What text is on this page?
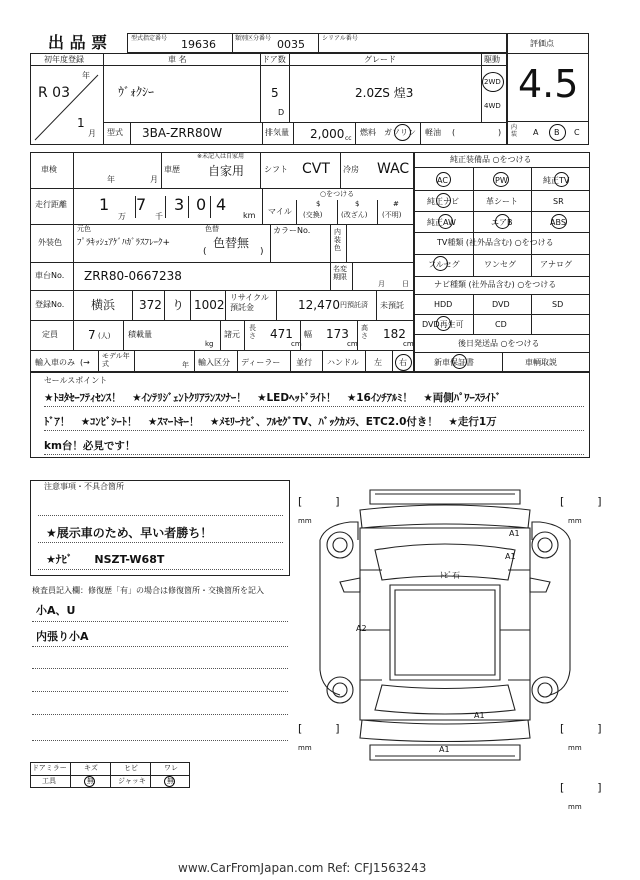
出 品 票	型式指定番号 19636	類別区分番号 0035	シリアル番号
評価点
4.5
内装	A B C
初年度登録
年
R 03
1
月
車 名
ｳﾞｫｸｼｰ
ドア数
5
D
グレード
2.0ZS 煌3
駆動
2WD
4WD
型式 3BA-ZRR80W	排気量 2,000 cc
燃料 ガソリン 軽油 (	)
車検
年	月
車歴
※未記入は自家用
自家用 シフト CVT 冷房 WAC
走行距離 1
万
7
千
3 0 4
km
○をつける
マイル
$
(交換)
$
(改ざん)
#
(不明)
外装色
元色	色替
ﾌﾟﾗｷｯｼｭｱｹﾞﾊｶﾞﾗｽﾌﾚｰｸ+
(
色替無
)
カラーNo.	内装色
車台No. ZRR80-0667238	名変期限
月 日
登録No. 横浜 372 り 1002
リサイクル預託金	12,470 円預託済 未預託
定員	7 (人) 積載量
kg
諸元
長さ 471
cm
幅 173
cm
高さ 182
cm
輸入車のみ (→
モデル年式	年 輸入区分 ディーラー 並行 ハンドル 左 右
純正装備品 ○をつける
AC	PW	純正TV
純正ナビ	革シート	SR
純正AW	エアB	ABS
TV種類 (社外品含む) ○をつける
フルセグ	ワンセグ	アナログ
ナビ種類 (社外品含む) ○をつける
HDD	DVD	SD
DVD再生可	CD
後日発送品 ○をつける
新車保証書	車輌取説
セールスポイント
★ﾄﾖﾀｾｰﾌﾃｨｾﾝｽ！　★ｲﾝﾃﾘｼﾞｪﾝﾄｸﾘｱﾗﾝｽｿﾅｰ！　★LEDﾍｯﾄﾞﾗｲﾄ！　★16ｲﾝﾁｱﾙﾐ！　★両側ﾊﾟﾜｰｽﾗｲﾄﾞ
ﾄﾞｱ！　★ｺﾝﾋﾞｼｰﾄ！　★ｽﾏｰﾄｷｰ！　★ﾒﾓﾘｰﾅﾋﾞ、ﾌﾙｾｸﾞTV、ﾊﾞｯｸｶﾒﾗ、ETC2.0付き！　★走行1万
km台！必見です！
注意事項・不具合箇所
★展示車のため、早い者勝ち！
★ﾅﾋﾞ　　NSZT-W68T
検査員記入欄：修復歴「有」の場合は修復箇所・交換箇所を記入
小A、U
内張り小A
ドアミラー キズ	ヒビ	ワレ
工具	無	ジャッキ	無
[　　　]
mm
[　　　]
mm
[　　　]
mm
[　　　]
mm
[　　　]
mm
A1
A1
A2
ﾄﾋﾞ石
A1
A1
www.CarFromJapan.com Ref: CFJ1563243
